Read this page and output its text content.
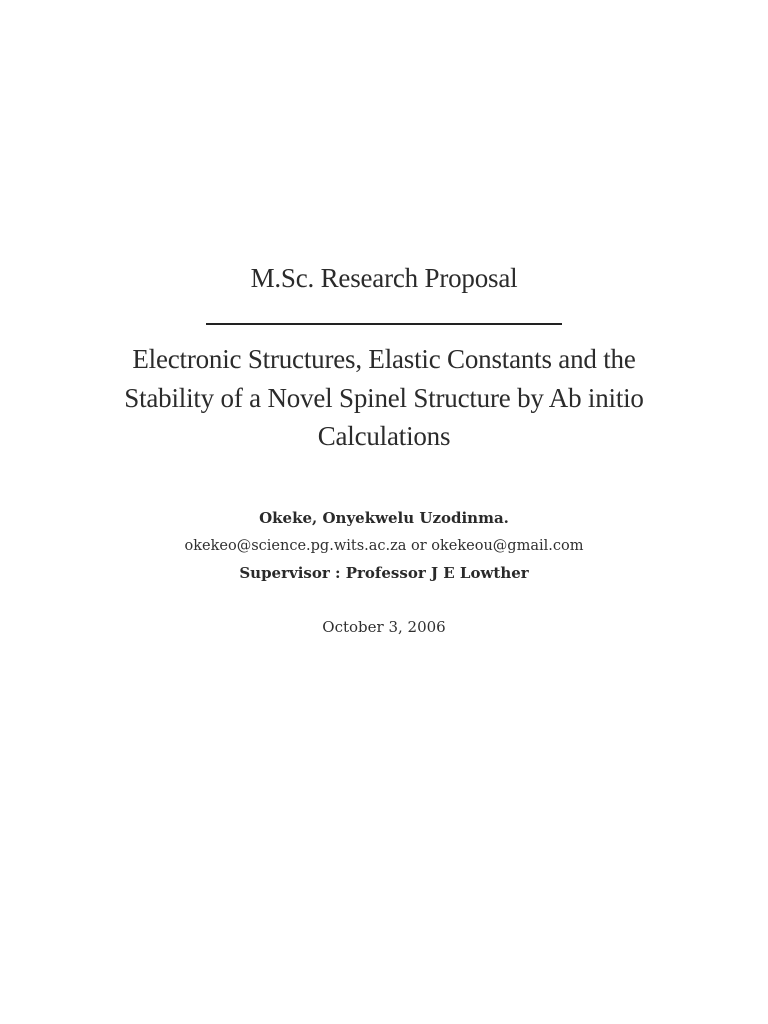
M.Sc. Research Proposal
Electronic Structures, Elastic Constants and the
Stability of a Novel Spinel Structure by Ab initio
Calculations
Okeke, Onyekwelu Uzodinma.
okekeo@science.pg.wits.ac.za or okekeou@gmail.com
Supervisor : Professor J E Lowther
October 3, 2006
